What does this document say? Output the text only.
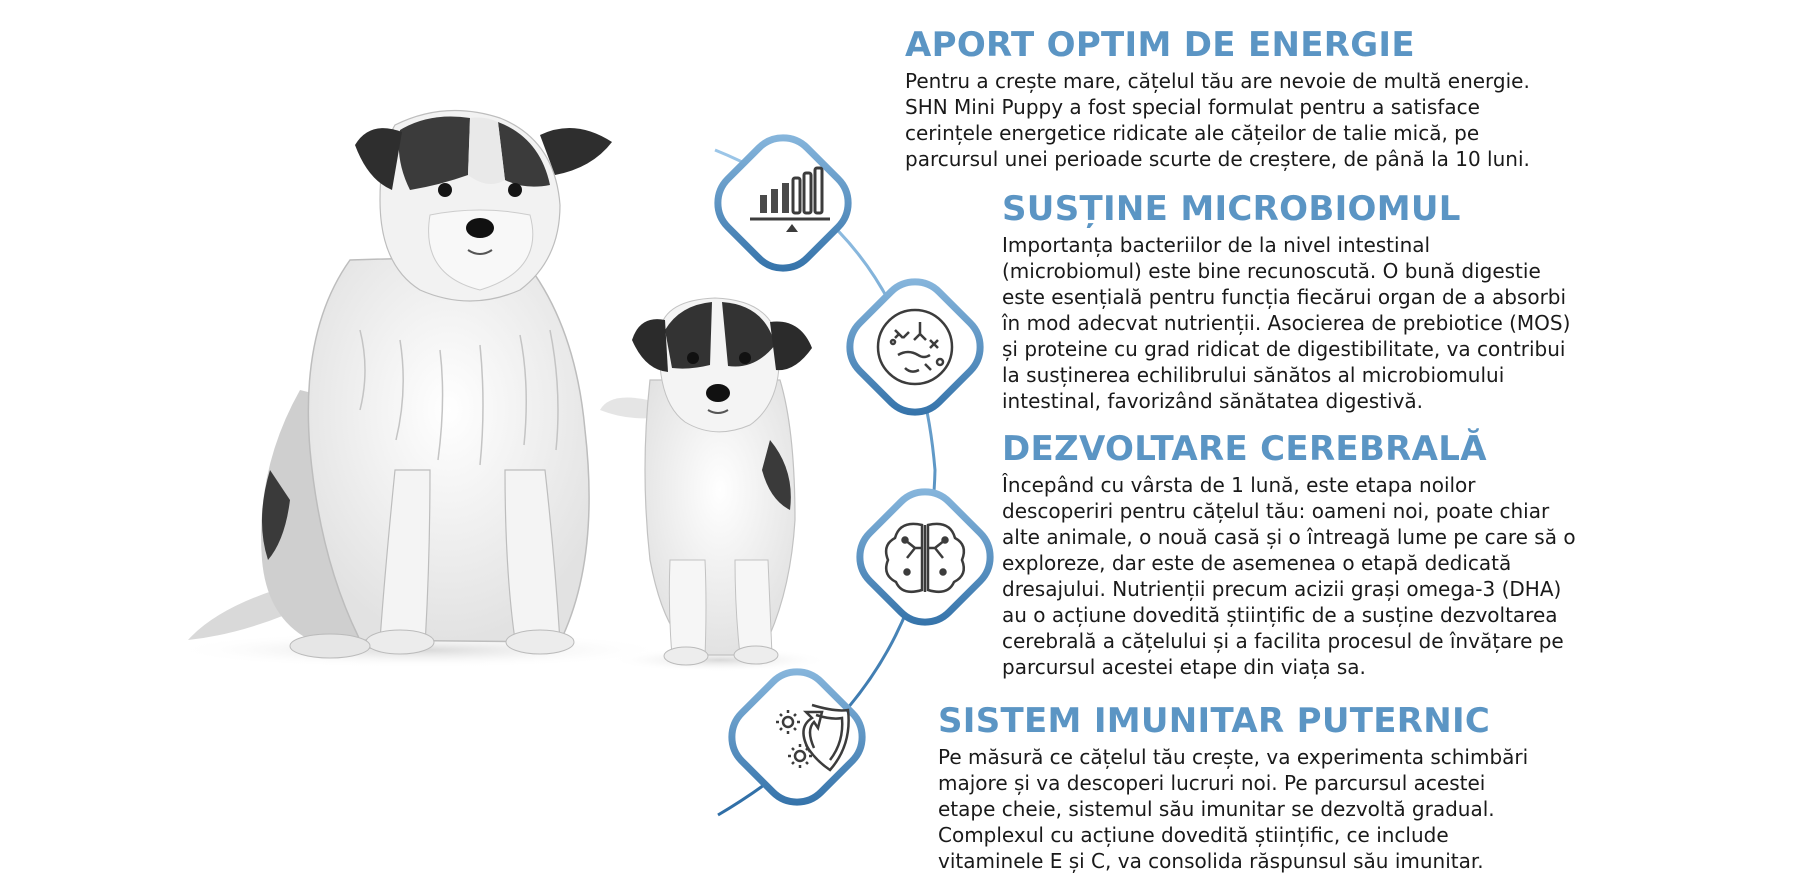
APORT OPTIM DE ENERGIE

Pentru a crește mare, cățelul tău are nevoie de multă energie.
SHN Mini Puppy a fost special formulat pentru a satisface
cerințele energetice ridicate ale cățeilor de talie mică, pe
parcursul unei perioade scurte de creștere, de până la 10 luni.

SUSȚINE MICROBIOMUL

Importanța bacteriilor de la nivel intestinal
(microbiomul) este bine recunoscută. O bună digestie
este esențială pentru funcția fiecărui organ de a absorbi
în mod adecvat nutrienții. Asocierea de prebiotice (MOS)
și proteine cu grad ridicat de digestibilitate, va contribui
la susținerea echilibrului sănătos al microbiomului
intestinal, favorizând sănătatea digestivă.

DEZVOLTARE CEREBRALĂ

Începând cu vârsta de 1 lună, este etapa noilor
descoperiri pentru cățelul tău: oameni noi, poate chiar
alte animale, o nouă casă și o întreagă lume pe care să o
exploreze, dar este de asemenea o etapă dedicată
dresajului. Nutrienții precum acizii grași omega-3 (DHA)
au o acțiune dovedită științific de a susține dezvoltarea
cerebrală a cățelului și a facilita procesul de învățare pe
parcursul acestei etape din viața sa.

SISTEM IMUNITAR PUTERNIC

Pe măsură ce cățelul tău crește, va experimenta schimbări
majore și va descoperi lucruri noi. Pe parcursul acestei
etape cheie, sistemul său imunitar se dezvoltă gradual.
Complexul cu acțiune dovedită științific, ce include
vitaminele E și C, va consolida răspunsul său imunitar.
